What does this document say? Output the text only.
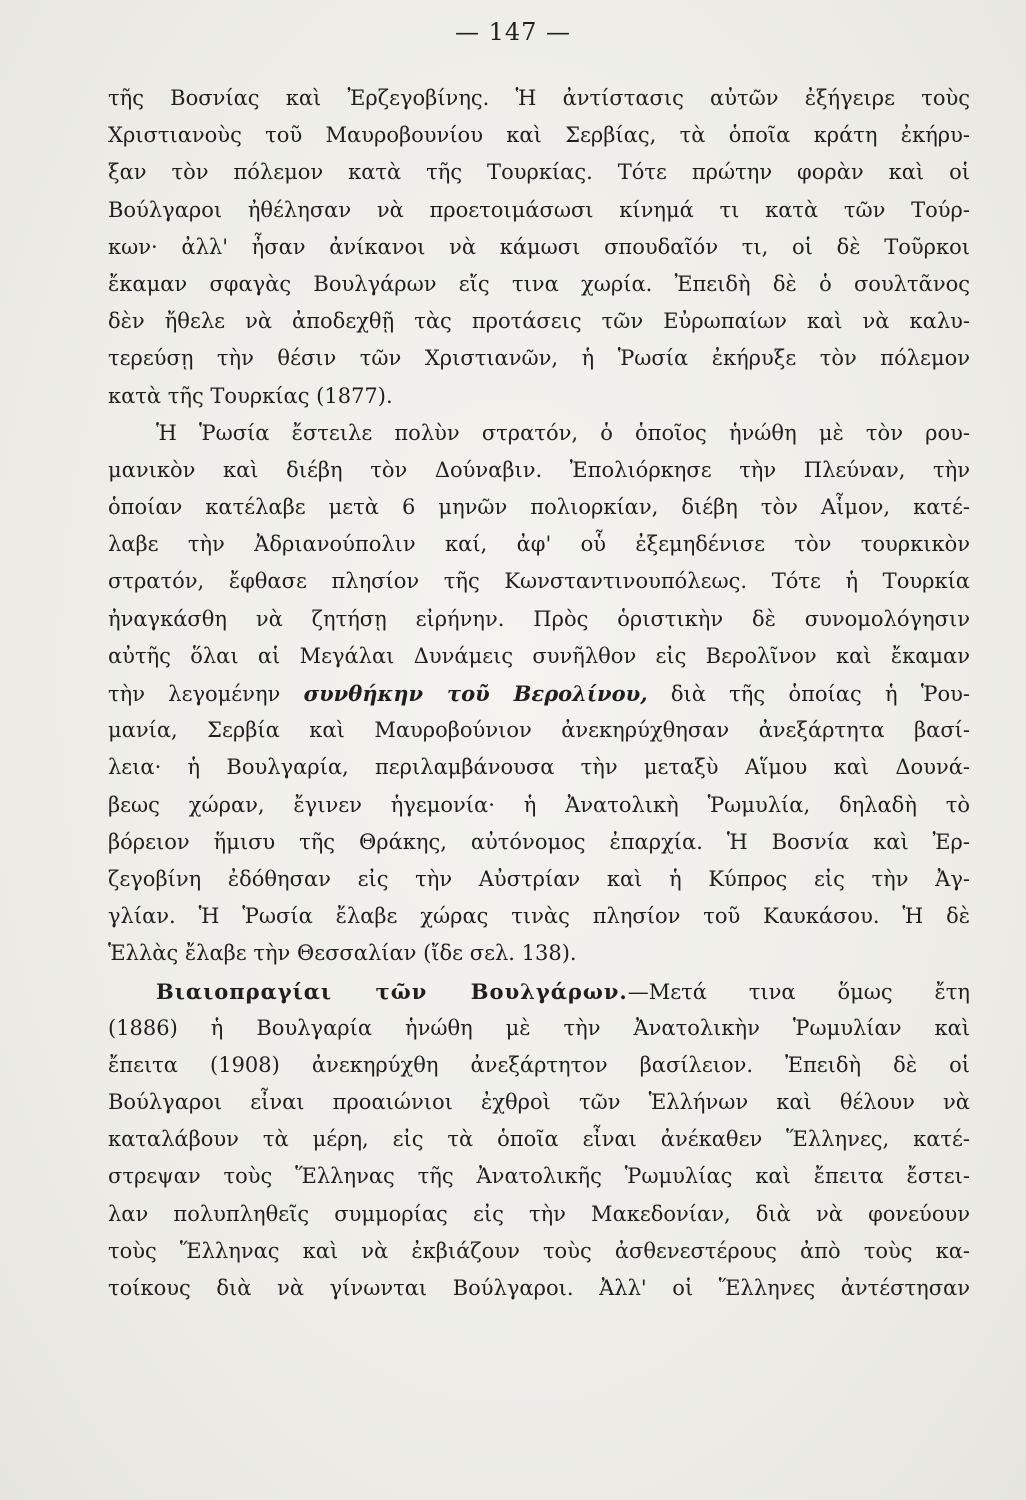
— 147 —
τῆς Βοσνίας καὶ Ἐρζεγοβίνης. Ἡ ἀντίστασις αὐτῶν ἐξήγειρε τοὺς
Χριστιανοὺς τοῦ Μαυροβουνίου καὶ Σερβίας, τὰ ὁποῖα κράτη ἐκήρυ-
ξαν τὸν πόλεμον κατὰ τῆς Τουρκίας. Τότε πρώτην φορὰν καὶ οἱ
Βούλγαροι ἠθέλησαν νὰ προετοιμάσωσι κίνημά τι κατὰ τῶν Τούρ-
κων· ἀλλ' ἦσαν ἀνίκανοι νὰ κάμωσι σπουδαῖόν τι, οἱ δὲ Τοῦρκοι
ἔκαμαν σφαγὰς Βουλγάρων εἴς τινα χωρία. Ἐπειδὴ δὲ ὁ σουλτᾶνος
δὲν ἤθελε νὰ ἀποδεχθῇ τὰς προτάσεις τῶν Εὐρωπαίων καὶ νὰ καλυ-
τερεύσῃ τὴν θέσιν τῶν Χριστιανῶν, ἡ Ῥωσία ἐκήρυξε τὸν πόλεμον
κατὰ τῆς Τουρκίας (1877).
Ἡ Ῥωσία ἔστειλε πολὺν στρατόν, ὁ ὁποῖος ἡνώθη μὲ τὸν ρου-
μανικὸν καὶ διέβη τὸν Δούναβιν. Ἐπολιόρκησε τὴν Πλεύναν, τὴν
ὁποίαν κατέλαβε μετὰ 6 μηνῶν πολιορκίαν, διέβη τὸν Αἷμον, κατέ-
λαβε τὴν Ἀδριανούπολιν καί, ἀφ' οὗ ἐξεμηδένισε τὸν τουρκικὸν
στρατόν, ἔφθασε πλησίον τῆς Κωνσταντινουπόλεως. Τότε ἡ Τουρκία
ἠναγκάσθη νὰ ζητήσῃ εἰρήνην. Πρὸς ὁριστικὴν δὲ συνομολόγησιν
αὐτῆς ὅλαι αἱ Μεγάλαι Δυνάμεις συνῆλθον εἰς Βερολῖνον καὶ ἔκαμαν
τὴν λεγομένην συνθήκην τοῦ Βερολίνου, διὰ τῆς ὁποίας ἡ Ῥου-
μανία, Σερβία καὶ Μαυροβούνιον ἀνεκηρύχθησαν ἀνεξάρτητα βασί-
λεια· ἡ Βουλγαρία, περιλαμβάνουσα τὴν μεταξὺ Αἵμου καὶ Δουνά-
βεως χώραν, ἔγινεν ἡγεμονία· ἡ Ἀνατολικὴ Ῥωμυλία, δηλαδὴ τὸ
βόρειον ἥμισυ τῆς Θράκης, αὐτόνομος ἐπαρχία. Ἡ Βοσνία καὶ Ἐρ-
ζεγοβίνη ἐδόθησαν εἰς τὴν Αὐστρίαν καὶ ἡ Κύπρος εἰς τὴν Ἀγ-
γλίαν. Ἡ Ῥωσία ἔλαβε χώρας τινὰς πλησίον τοῦ Καυκάσου. Ἡ δὲ
Ἑλλὰς ἔλαβε τὴν Θεσσαλίαν (ἴδε σελ. 138).
Βιαιοπραγίαι τῶν Βουλγάρων.—Μετά τινα ὅμως ἔτη
(1886) ἡ Βουλγαρία ἡνώθη μὲ τὴν Ἀνατολικὴν Ῥωμυλίαν καὶ
ἔπειτα (1908) ἀνεκηρύχθη ἀνεξάρτητον βασίλειον. Ἐπειδὴ δὲ οἱ
Βούλγαροι εἶναι προαιώνιοι ἐχθροὶ τῶν Ἑλλήνων καὶ θέλουν νὰ
καταλάβουν τὰ μέρη, εἰς τὰ ὁποῖα εἶναι ἀνέκαθεν Ἕλληνες, κατέ-
στρεψαν τοὺς Ἕλληνας τῆς Ἀνατολικῆς Ῥωμυλίας καὶ ἔπειτα ἔστει-
λαν πολυπληθεῖς συμμορίας εἰς τὴν Μακεδονίαν, διὰ νὰ φονεύουν
τοὺς Ἕλληνας καὶ νὰ ἐκβιάζουν τοὺς ἀσθενεστέρους ἀπὸ τοὺς κα-
τοίκους διὰ νὰ γίνωνται Βούλγαροι. Ἀλλ' οἱ Ἕλληνες ἀντέστησαν
